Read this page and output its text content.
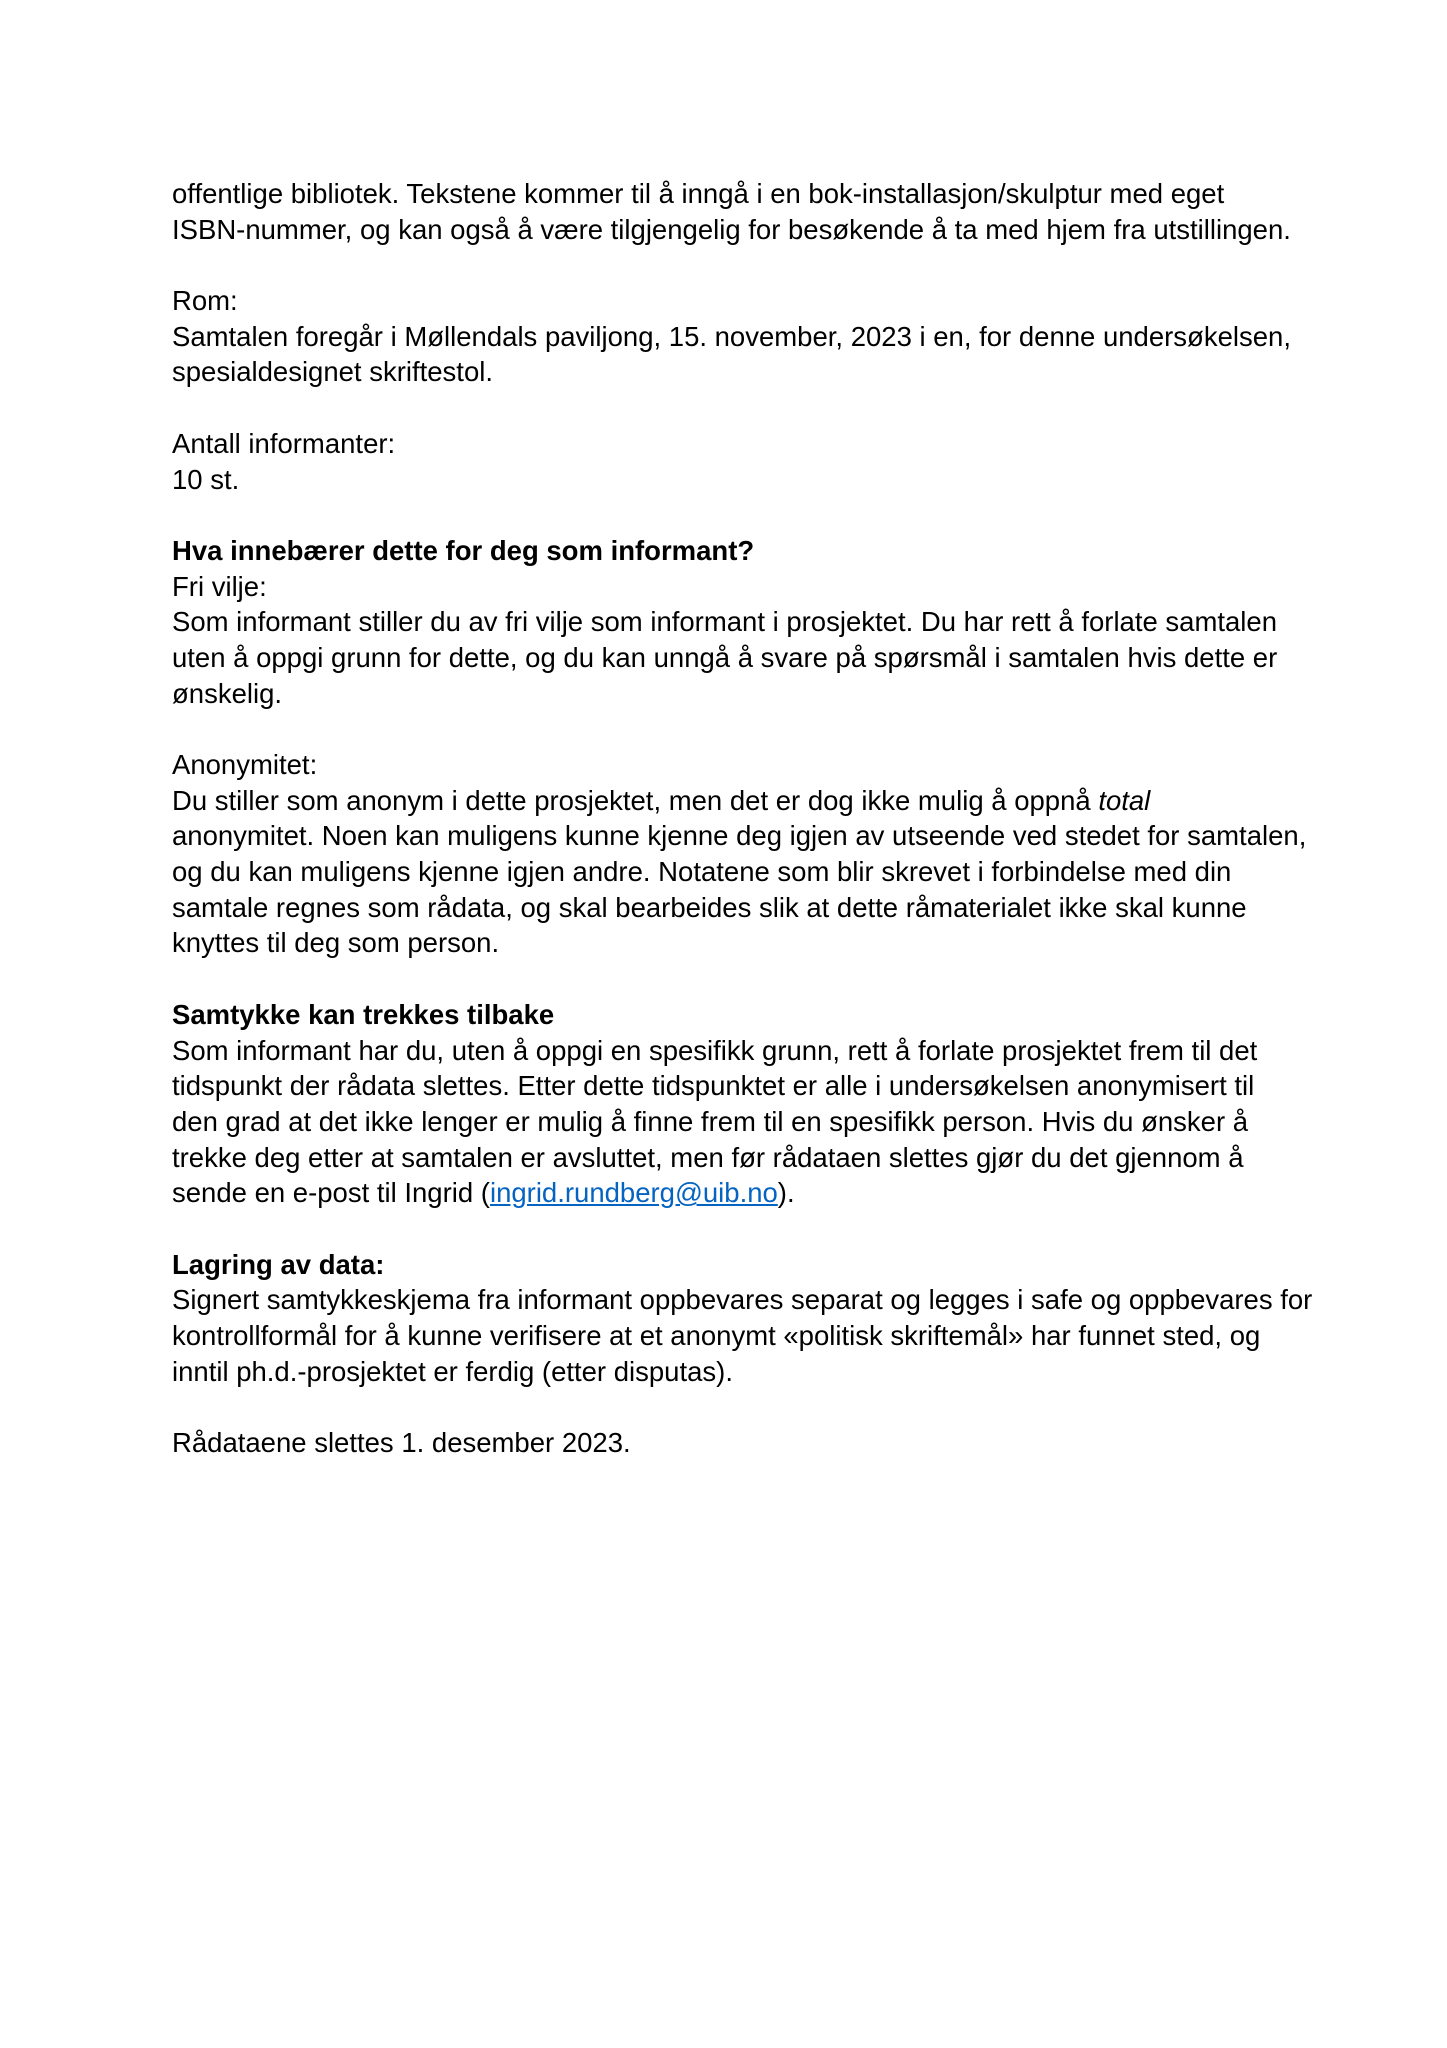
offentlige bibliotek. Tekstene kommer til å inngå i en bok-installasjon/skulptur med eget
ISBN-nummer, og kan også å være tilgjengelig for besøkende å ta med hjem fra utstillingen.
Rom:
Samtalen foregår i Møllendals paviljong, 15. november, 2023 i en, for denne undersøkelsen,
spesialdesignet skriftestol.
Antall informanter:
10 st.
Hva innebærer dette for deg som informant?
Fri vilje:
Som informant stiller du av fri vilje som informant i prosjektet. Du har rett å forlate samtalen
uten å oppgi grunn for dette, og du kan unngå å svare på spørsmål i samtalen hvis dette er
ønskelig.
Anonymitet:
Du stiller som anonym i dette prosjektet, men det er dog ikke mulig å oppnå total
anonymitet. Noen kan muligens kunne kjenne deg igjen av utseende ved stedet for samtalen,
og du kan muligens kjenne igjen andre. Notatene som blir skrevet i forbindelse med din
samtale regnes som rådata, og skal bearbeides slik at dette råmaterialet ikke skal kunne
knyttes til deg som person.
Samtykke kan trekkes tilbake
Som informant har du, uten å oppgi en spesifikk grunn, rett å forlate prosjektet frem til det
tidspunkt der rådata slettes. Etter dette tidspunktet er alle i undersøkelsen anonymisert til
den grad at det ikke lenger er mulig å finne frem til en spesifikk person. Hvis du ønsker å
trekke deg etter at samtalen er avsluttet, men før rådataen slettes gjør du det gjennom å
sende en e-post til Ingrid (ingrid.rundberg@uib.no).
Lagring av data:
Signert samtykkeskjema fra informant oppbevares separat og legges i safe og oppbevares for
kontrollformål for å kunne verifisere at et anonymt «politisk skriftemål» har funnet sted, og
inntil ph.d.-prosjektet er ferdig (etter disputas).
Rådataene slettes 1. desember 2023.
